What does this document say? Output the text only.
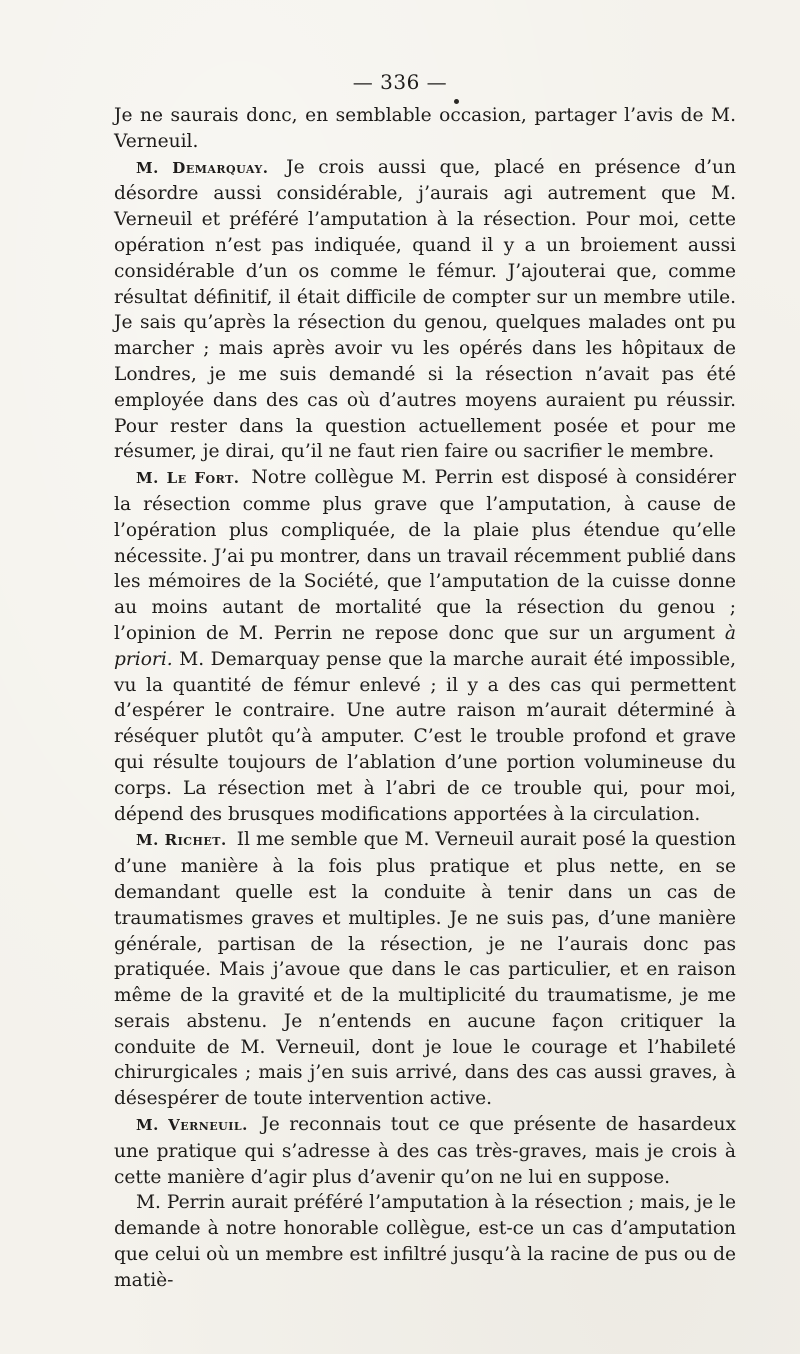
— 336 —

Je ne saurais donc, en semblable occasion, partager l’avis de M. Verneuil.

M. Demarquay. Je crois aussi que, placé en présence d’un désordre aussi considérable, j’aurais agi autrement que M. Verneuil et préféré l’amputation à la résection. Pour moi, cette opération n’est pas indiquée, quand il y a un broiement aussi considérable d’un os comme le fémur. J’ajouterai que, comme résultat définitif, il était difficile de compter sur un membre utile. Je sais qu’après la résection du genou, quelques malades ont pu marcher ; mais après avoir vu les opérés dans les hôpitaux de Londres, je me suis demandé si la résection n’avait pas été employée dans des cas où d’autres moyens auraient pu réussir. Pour rester dans la question actuellement posée et pour me résumer, je dirai, qu’il ne faut rien faire ou sacrifier le membre.

M. Le Fort. Notre collègue M. Perrin est disposé à considérer la résection comme plus grave que l’amputation, à cause de l’opération plus compliquée, de la plaie plus étendue qu’elle nécessite. J’ai pu montrer, dans un travail récemment publié dans les mémoires de la Société, que l’amputation de la cuisse donne au moins autant de mortalité que la résection du genou ; l’opinion de M. Perrin ne repose donc que sur un argument à priori. M. Demarquay pense que la marche aurait été impossible, vu la quantité de fémur enlevé ; il y a des cas qui permettent d’espérer le contraire. Une autre raison m’aurait déterminé à réséquer plutôt qu’à amputer. C’est le trouble profond et grave qui résulte toujours de l’ablation d’une portion volumineuse du corps. La résection met à l’abri de ce trouble qui, pour moi, dépend des brusques modifications apportées à la circulation.

M. Richet. Il me semble que M. Verneuil aurait posé la question d’une manière à la fois plus pratique et plus nette, en se demandant quelle est la conduite à tenir dans un cas de traumatismes graves et multiples. Je ne suis pas, d’une manière générale, partisan de la résection, je ne l’aurais donc pas pratiquée. Mais j’avoue que dans le cas particulier, et en raison même de la gravité et de la multiplicité du traumatisme, je me serais abstenu. Je n’entends en aucune façon critiquer la conduite de M. Verneuil, dont je loue le courage et l’habileté chirurgicales ; mais j’en suis arrivé, dans des cas aussi graves, à désespérer de toute intervention active.

M. Verneuil. Je reconnais tout ce que présente de hasardeux une pratique qui s’adresse à des cas très-graves, mais je crois à cette manière d’agir plus d’avenir qu’on ne lui en suppose.

M. Perrin aurait préféré l’amputation à la résection ; mais, je le demande à notre honorable collègue, est-ce un cas d’amputation que celui où un membre est infiltré jusqu’à la racine de pus ou de matiè-
